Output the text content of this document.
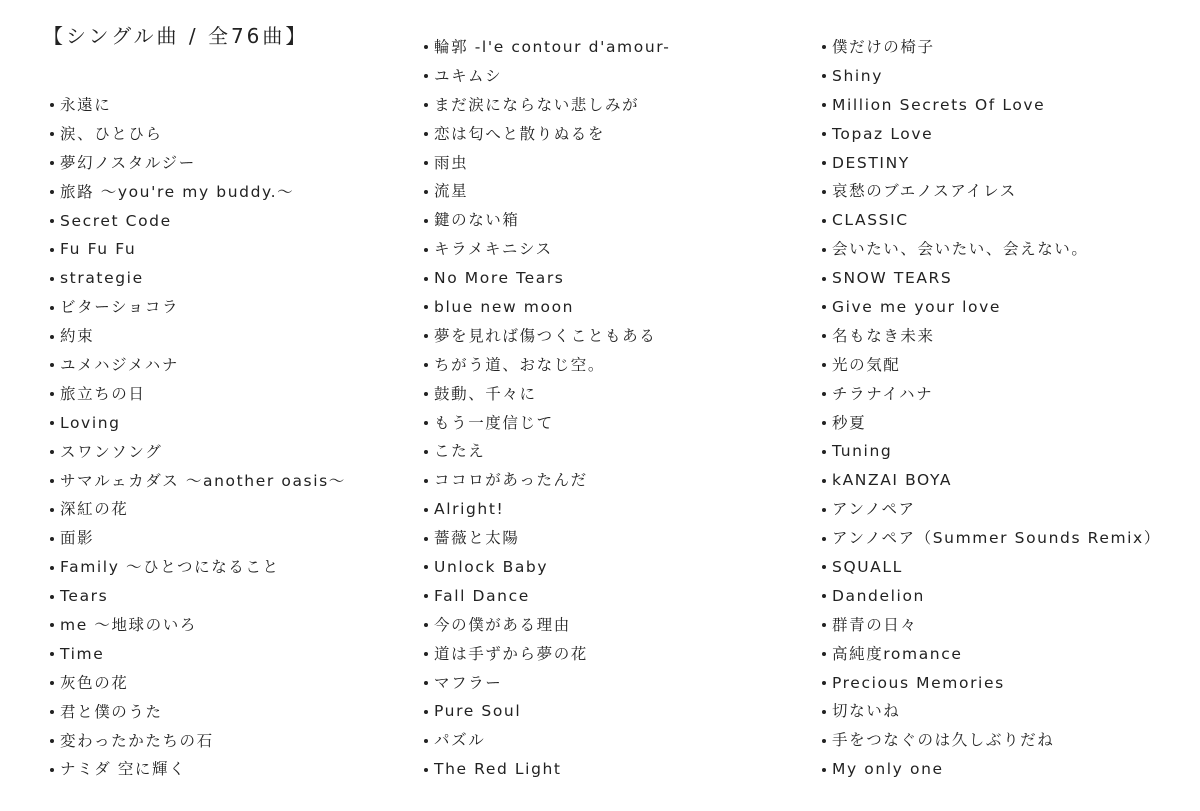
【シングル曲 / 全76曲】
永遠に
涙、ひとひら
夢幻ノスタルジー
旅路 ～you're my buddy.～
Secret Code
Fu Fu Fu
strategie
ビターショコラ
約束
ユメハジメハナ
旅立ちの日
Loving
スワンソング
サマルェカダス ～another oasis～
深紅の花
面影
Family ～ひとつになること
Tears
me ～地球のいろ
Time
灰色の花
君と僕のうた
変わったかたちの石
ナミダ 空に輝く
輪郭 -l'e contour d'amour-
ユキムシ
まだ涙にならない悲しみが
恋は匂へと散りぬるを
雨虫
流星
鍵のない箱
キラメキニシス
No More Tears
blue new moon
夢を見れば傷つくこともある
ちがう道、おなじ空。
鼓動、千々に
もう一度信じて
こたえ
ココロがあったんだ
Alright!
薔薇と太陽
Unlock Baby
Fall Dance
今の僕がある理由
道は手ずから夢の花
マフラー
Pure Soul
パズル
The Red Light
僕だけの椅子
Shiny
Million Secrets Of Love
Topaz Love
DESTINY
哀愁のブエノスアイレス
CLASSIC
会いたい、会いたい、会えない。
SNOW TEARS
Give me your love
名もなき未来
光の気配
チラナイハナ
秒夏
Tuning
kANZAI BOYA
アンノペア
アンノペア（Summer Sounds Remix）
SQUALL
Dandelion
群青の日々
高純度romance
Precious Memories
切ないね
手をつなぐのは久しぶりだね
My only one
